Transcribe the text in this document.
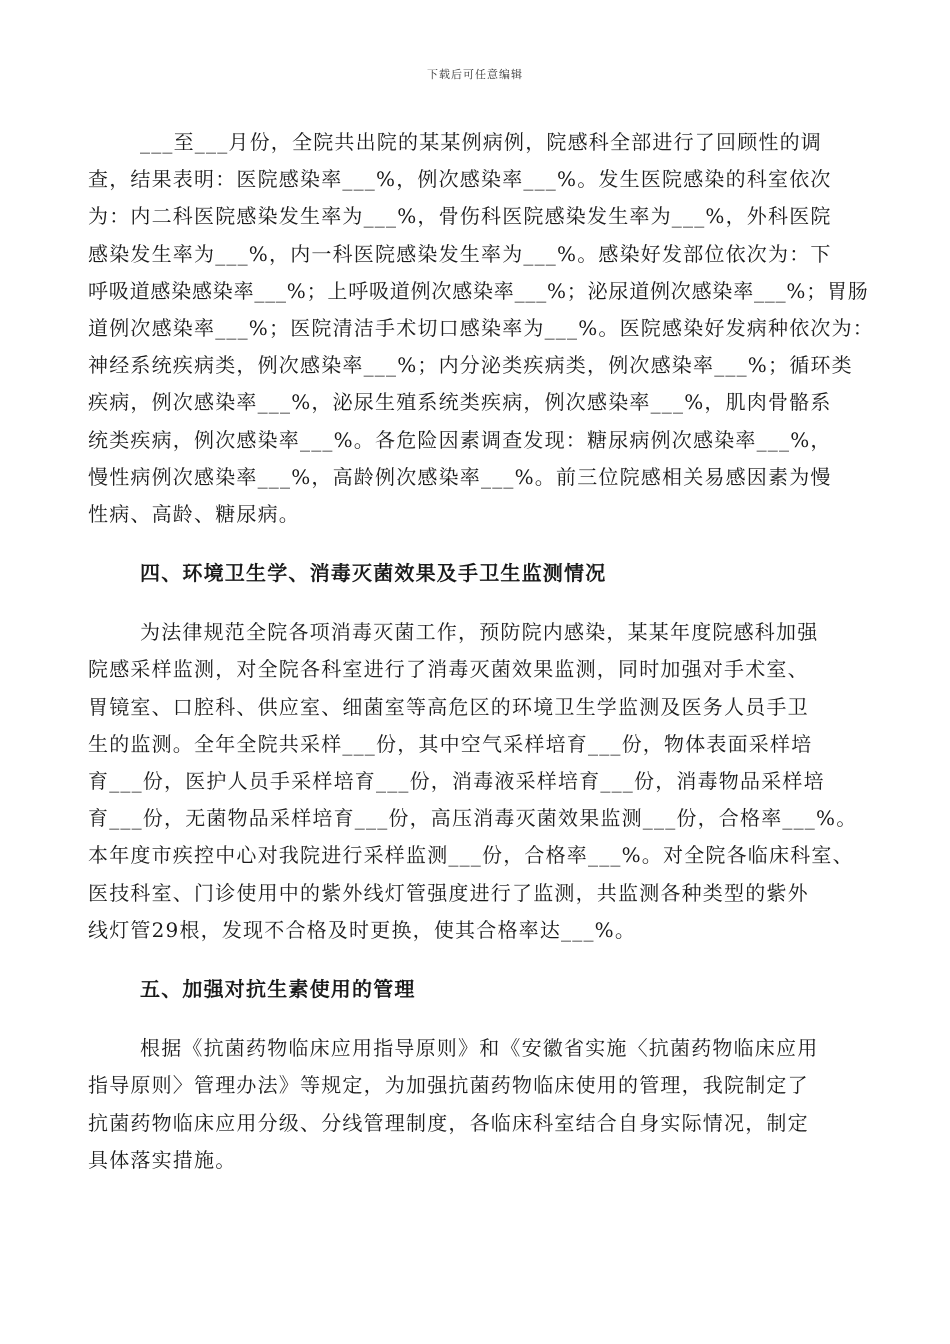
下载后可任意编辑
___至___月份，全院共出院的某某例病例，院感科全部进行了回顾性的调
查，结果表明：医院感染率___%，例次感染率___%。发生医院感染的科室依次
为：内二科医院感染发生率为___%，骨伤科医院感染发生率为___%，外科医院
感染发生率为___%，内一科医院感染发生率为___%。感染好发部位依次为：下
呼吸道感染感染率___%；上呼吸道例次感染率___%；泌尿道例次感染率___%；胃肠
道例次感染率___%；医院清洁手术切口感染率为___%。医院感染好发病种依次为：
神经系统疾病类，例次感染率___%；内分泌类疾病类，例次感染率___%；循环类
疾病，例次感染率___%，泌尿生殖系统类疾病，例次感染率___%，肌肉骨骼系
统类疾病，例次感染率___%。各危险因素调查发现：糖尿病例次感染率___%，
慢性病例次感染率___%，高龄例次感染率___%。前三位院感相关易感因素为慢
性病、高龄、糖尿病。
四、环境卫生学、消毒灭菌效果及手卫生监测情况
为法律规范全院各项消毒灭菌工作，预防院内感染，某某年度院感科加强
院感采样监测，对全院各科室进行了消毒灭菌效果监测，同时加强对手术室、
胃镜室、口腔科、供应室、细菌室等高危区的环境卫生学监测及医务人员手卫
生的监测。全年全院共采样___份，其中空气采样培育___份，物体表面采样培
育___份，医护人员手采样培育___份，消毒液采样培育___份，消毒物品采样培
育___份，无菌物品采样培育___份，高压消毒灭菌效果监测___份，合格率___%。
本年度市疾控中心对我院进行采样监测___份，合格率___%。对全院各临床科室、
医技科室、门诊使用中的紫外线灯管强度进行了监测，共监测各种类型的紫外
线灯管29根，发现不合格及时更换，使其合格率达___%。
五、加强对抗生素使用的管理
根据《抗菌药物临床应用指导原则》和《安徽省实施〈抗菌药物临床应用
指导原则〉管理办法》等规定，为加强抗菌药物临床使用的管理，我院制定了
抗菌药物临床应用分级、分线管理制度，各临床科室结合自身实际情况，制定
具体落实措施。
